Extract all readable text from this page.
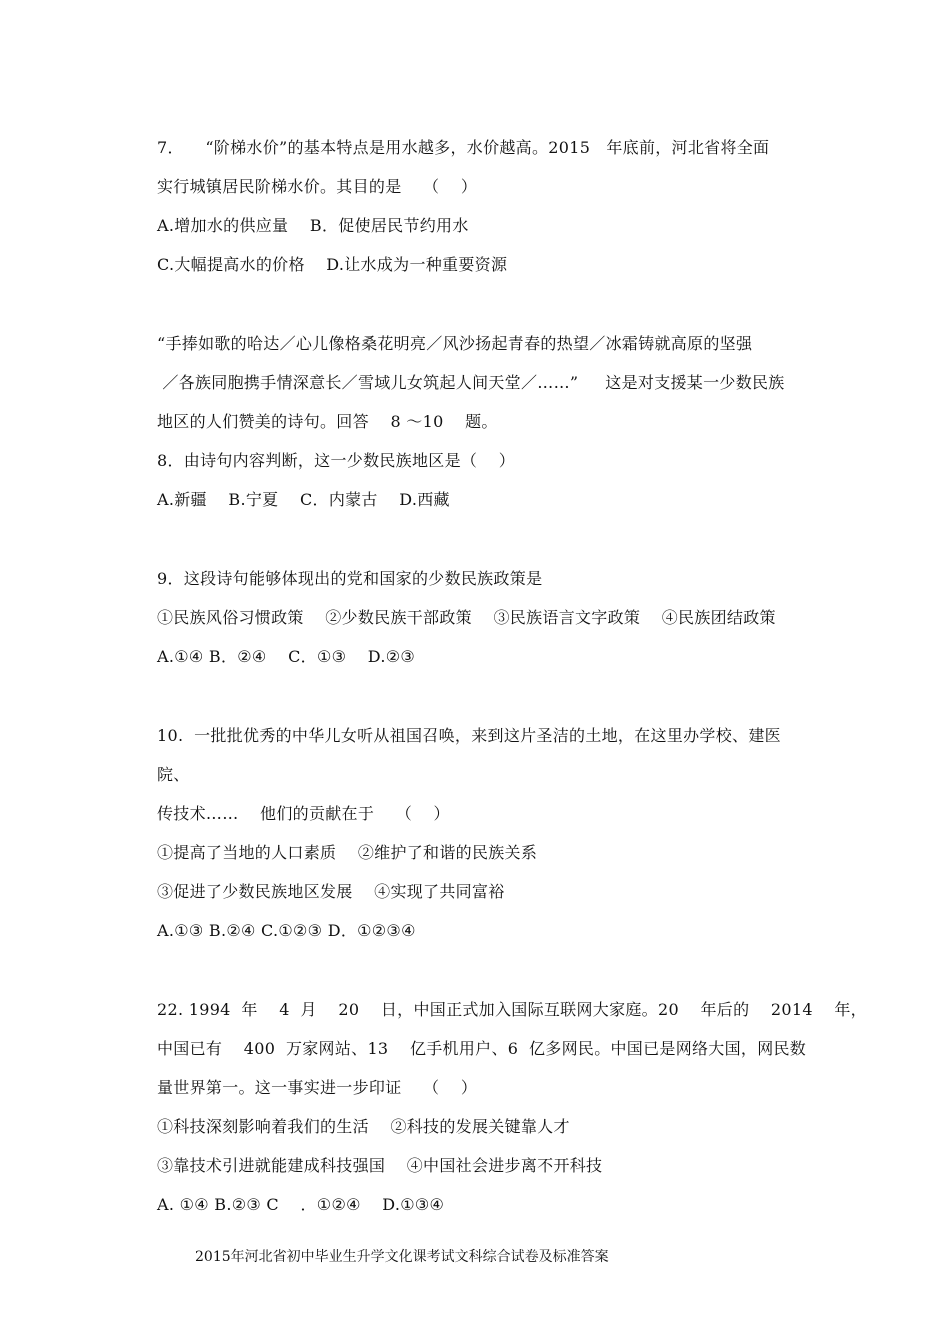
7．    “阶梯水价”的基本特点是用水越多，水价越高。2015   年底前，河北省将全面
实行城镇居民阶梯水价。其目的是    （    ）
A.增加水的供应量    B．促使居民节约用水
C.大幅提高水的价格    D.让水成为一种重要资源
“手捧如歌的哈达／心儿像格桑花明亮／风沙扬起青春的热望／冰霜铸就高原的坚强
／各族同胞携手情深意长／雪域儿女筑起人间天堂／……”     这是对支援某一少数民族
地区的人们赞美的诗句。回答    8 ～10    题。
8．由诗句内容判断，这一少数民族地区是（    ）
A.新疆    B.宁夏    C．内蒙古    D.西藏
9．这段诗句能够体现出的党和国家的少数民族政策是
①民族风俗习惯政策    ②少数民族干部政策    ③民族语言文字政策    ④民族团结政策
A.①④ B．②④    C．①③    D.②③
10.  一批批优秀的中华儿女听从祖国召唤，来到这片圣洁的土地，在这里办学校、建医
院、
传技术……    他们的贡献在于    （    ）
①提高了当地的人口素质    ②维护了和谐的民族关系
③促进了少数民族地区发展    ④实现了共同富裕
A.①③ B.②④ C.①②③ D．①②③④
22. 1994  年    4  月    20    日，中国正式加入国际互联网大家庭。20    年后的    2014    年，
中国已有    400  万家网站、13    亿手机用户、6  亿多网民。中国已是网络大国，网民数
量世界第一。这一事实进一步印证    （    ）
①科技深刻影响着我们的生活    ②科技的发展关键靠人才
③靠技术引进就能建成科技强国    ④中国社会进步离不开科技
A. ①④ B.②③ C    ．①②④    D.①③④
2015年河北省初中毕业生升学文化课考试文科综合试卷及标准答案
